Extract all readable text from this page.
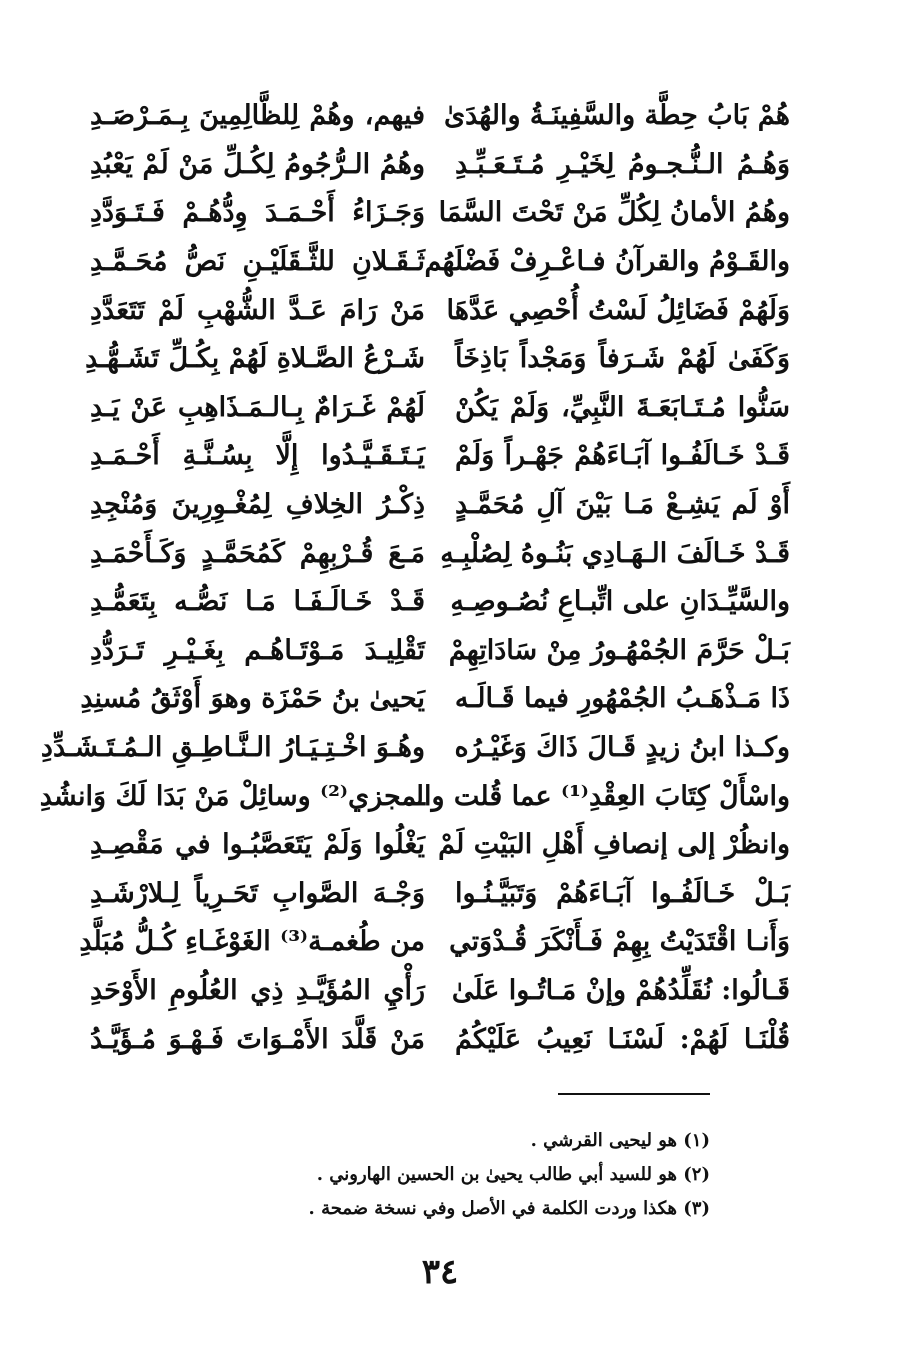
هُمْ بَابُ حِطَّة والسَّفِينَـةُ والهُدَىٰ
فيهم، وهُمْ لِلظَّالِمِينَ بِـمَـرْصَـدِ
وَهُـمُ الـنُّـجـومُ لِخَيْـرِ مُـتَـعَـبِّـدِ
وهُمُ الـرُّجُومُ لِكُـلِّ مَنْ لَمْ يَعْبُدِ
وهُمُ الأمانُ لِكُلِّ مَنْ تَحْتَ السَّمَا
وَجَـزَاءُ أَحْـمَـدَ وِدُّهُـمْ فَـتَـوَدَّدِ
والقَـوْمُ والقرآنُ فـاعْـرِفْ فَضْلَهُم
ثَـقَـلانِ للثَّـقَلَيْـنِ نَصُّ مُحَـمَّـدِ
وَلَهُمْ فَضَائِلُ لَسْتُ أُحْصِي عَدَّهَا
مَنْ رَامَ عَـدَّ الشُّهْبِ لَمْ تَتَعَدَّدِ
وَكَفَىٰ لَهُمْ شَـرَفاً وَمَجْداً بَاذِخَاً
شَـرْعُ الصَّـلاةِ لَهُمْ بِكُـلِّ تَشَـهُّـدِ
سَنُّوا مُـتَـابَعَـةَ النَّبِيِّ، وَلَمْ يَكُنْ
لَهُمْ غَـرَامٌ بِـالـمَـذَاهِبِ عَنْ يَـدِ
قَـدْ خَـالَفُـوا آبَـاءَهُمْ جَهْـراً وَلَمْ
يَـتَـقَـيَّـدُوا إِلَّا بِسُـنَّـةِ أَحْـمَـدِ
أَوْ لَم يَشِـعْ مَـا بَيْنَ آلِ مُحَمَّـدٍ
ذِكْـرُ الخِلافِ لِمُغْـوِرِينَ وَمُنْجِدِ
قَـدْ خَـالَفَ الـهَـادِي بَنُـوهُ لِصُلْبِـهِ
مَـعَ قُـرْبِهِمْ كَمُحَمَّـدٍ وَكَـأَحْمَـدِ
والسَّيِّـدَانِ على اتِّبـاعِ نُصُـوصِـهِ
قَـدْ خَـالَـفَـا مَـا نَصُّـه بِتَعَمُّـدِ
بَـلْ حَرَّمَ الجُمْهُـورُ مِنْ سَادَاتِهِمْ
تَقْلِيـدَ مَـوْتَـاهُـم بِغَـيْـرِ تَـرَدُّدِ
ذَا مَـذْهَـبُ الجُمْهُورِ فيما قَـالَـه
يَحيىٰ بنُ حَمْزَة وهوَ أَوْثَقُ مُسنِدِ
وكـذا ابنُ زيدٍ قَـالَ ذَاكَ وَغَيْـرُه
وهُـوَ اخْـتِـيَـارُ الـنَّـاطِـقِ الـمُـتَـشَـدِّدِ
واسْأَلْ كِتَابَ العِقْدِ⁽¹⁾ عما قُلت والـ
ـمجزي⁽²⁾ وسائِلْ مَنْ بَدَا لَكَ وَانشُدِ
وانظُرْ إلى إنصافِ أَهْلِ البَيْتِ لَمْ
يَغْلُوا وَلَمْ يَتَعَصَّبُـوا في مَقْصِـدِ
بَـلْ خَـالَفُـوا آبَـاءَهُمْ وَتَبَيَّـنُـوا
وَجْـهَ الصَّوابِ تَحَـرِياً لِـلارْشَـدِ
وَأَنـا اقْتَدَيْتُ بِهِمْ فَـأَنْكَرَ قُـدْوَتي
من طُغمـة⁽³⁾ الغَوْغَـاءِ كُـلُّ مُبَلَّدِ
قَـالُوا: نُقَلِّدُهُمْ وإنْ مَـاتُـوا عَلَىٰ
رَأْيِ المُؤَيَّـدِ ذِي العُلُومِ الأَوْحَدِ
قُلْنَـا لَهُمْ: لَسْنَـا نَعِيبُ عَلَيْكُمُ
مَنْ قَلَّدَ الأَمْـوَاتَ فَـهْـوَ مُـؤَيَّـدُ
(١) هو ليحيى القرشي .
(٢) هو للسيد أبي طالب يحيىٰ بن الحسين الهاروني .
(٣) هكذا وردت الكلمة في الأصل وفي نسخة ضمحة .
٣٤
